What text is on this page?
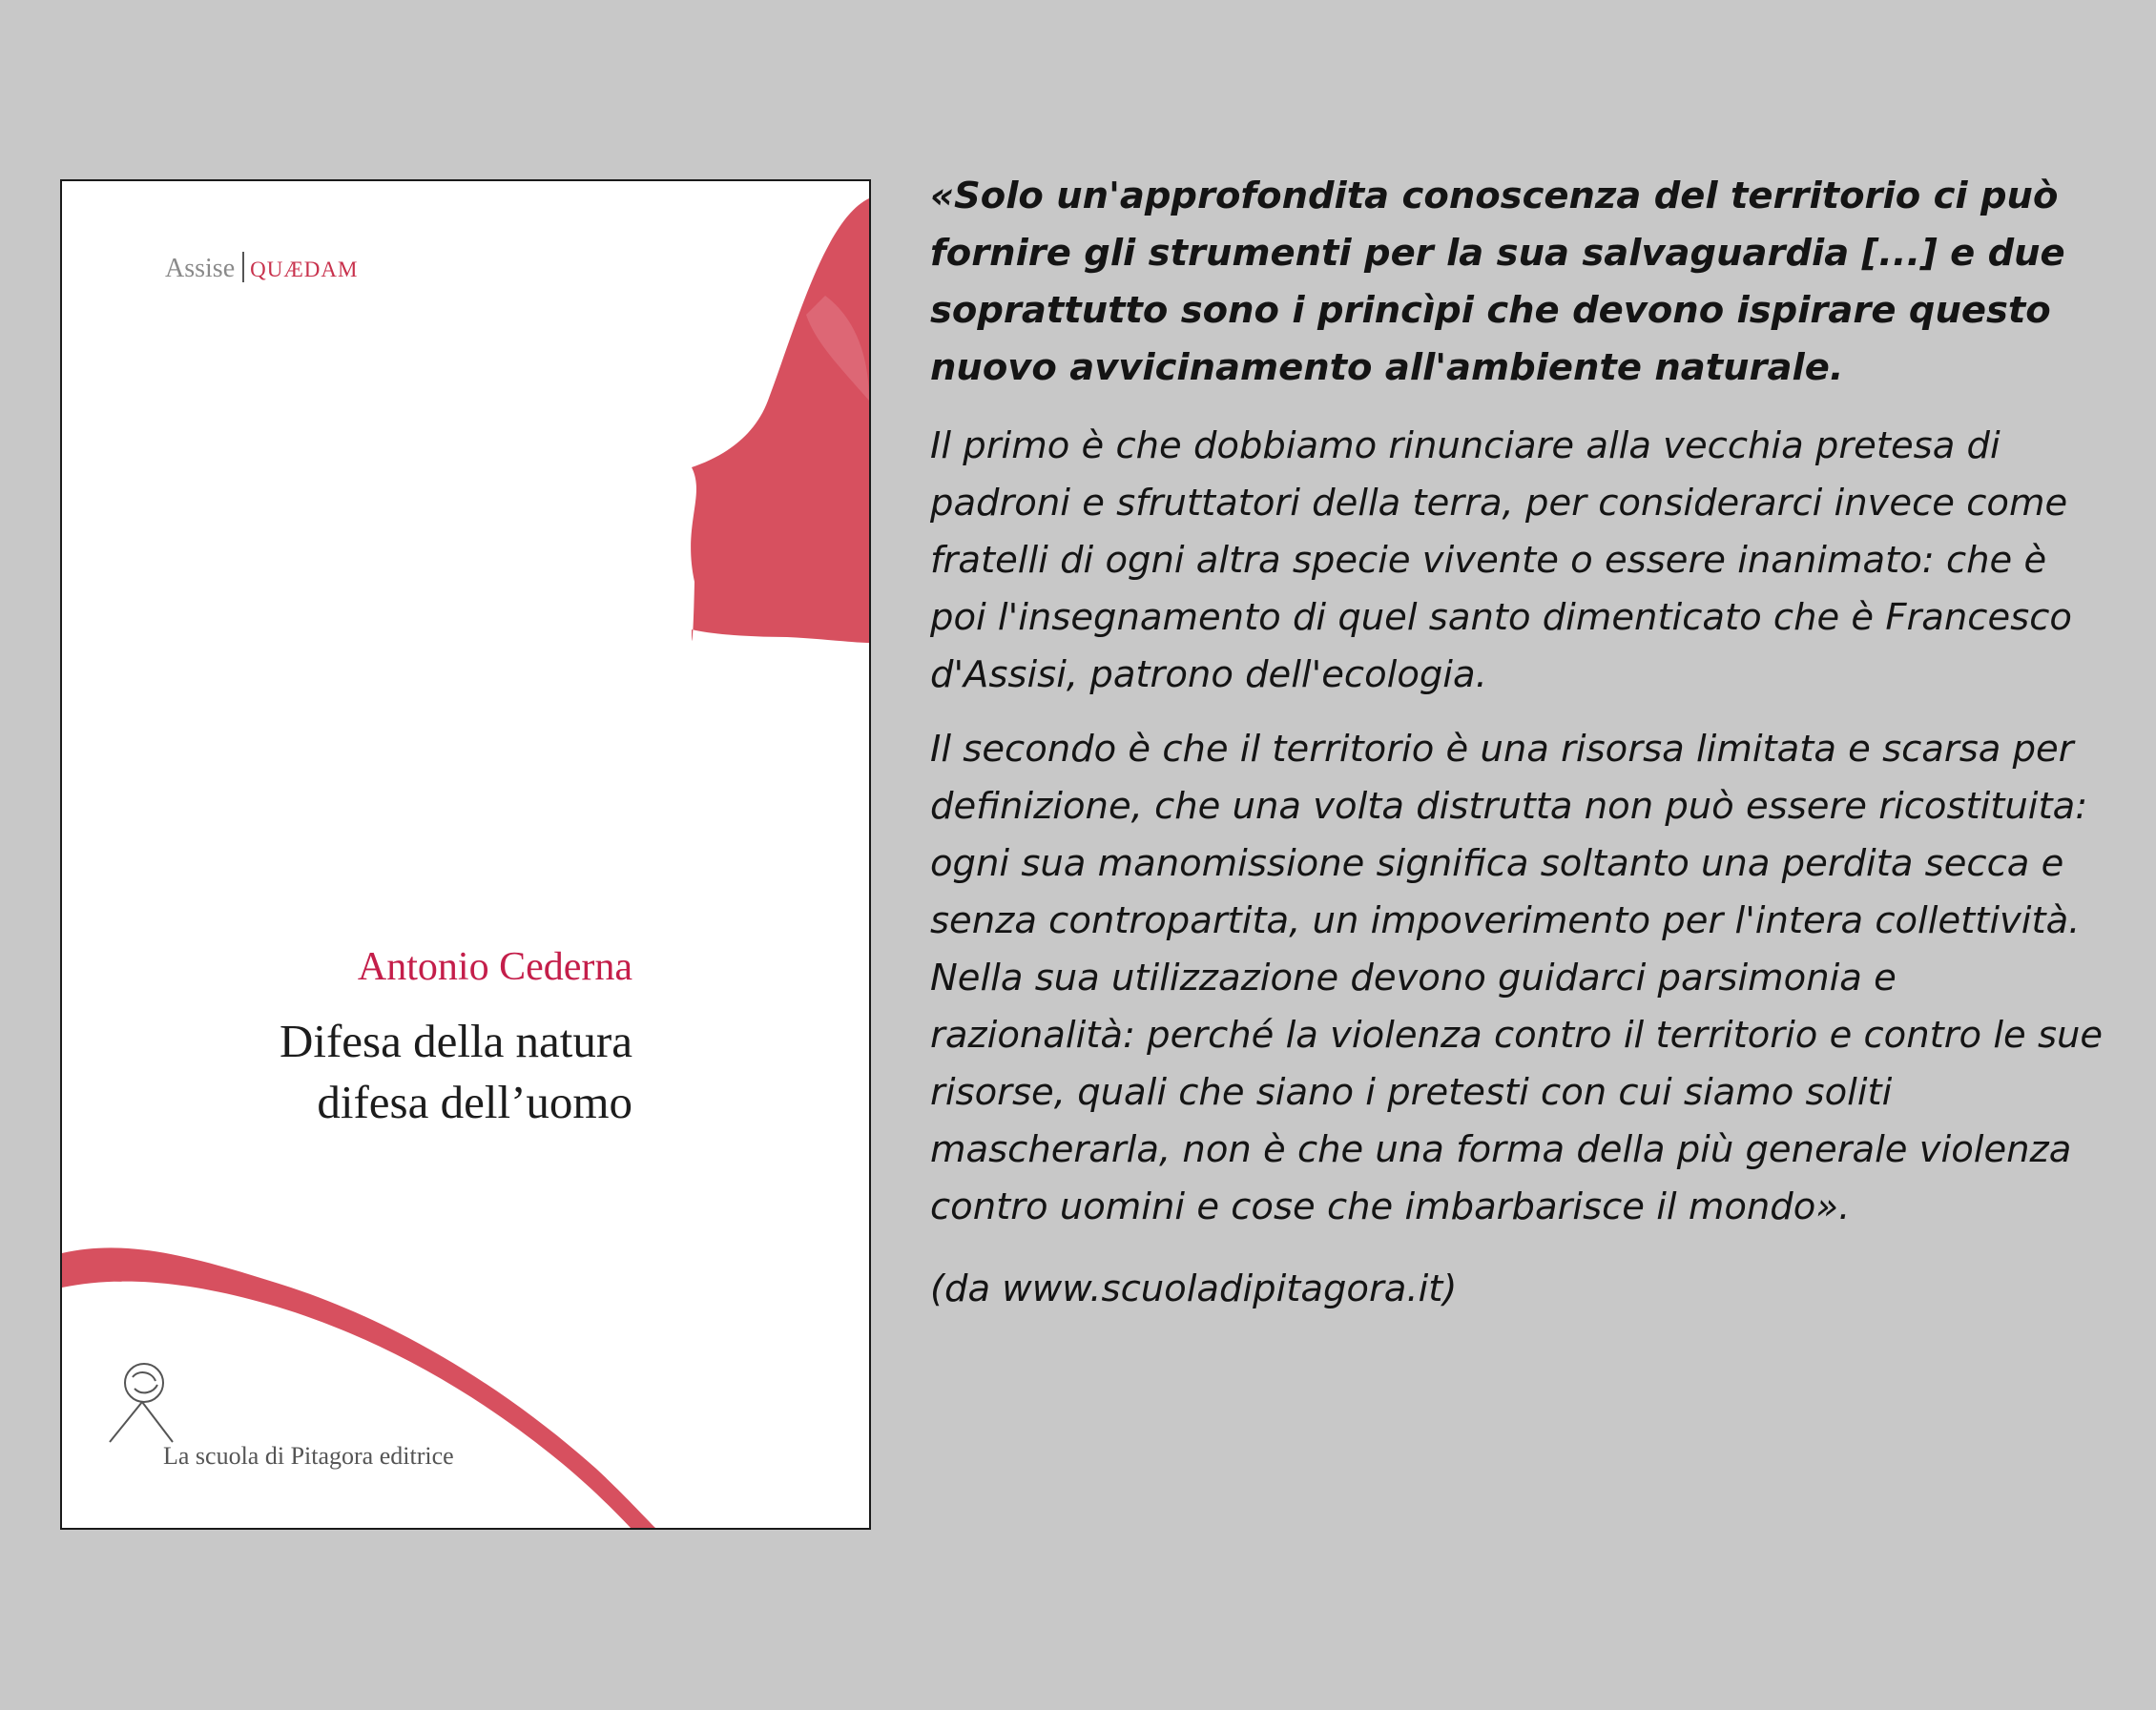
Assise QUÆDAM
Antonio Cederna
Difesa della natura
difesa dell’uomo
La scuola di Pitagora editrice

«Solo un'approfondita conoscenza del territorio ci può fornire gli strumenti per la sua salvaguardia [...] e due soprattutto sono i princìpi che devono ispirare questo nuovo avvicinamento all'ambiente naturale.

Il primo è che dobbiamo rinunciare alla vecchia pretesa di padroni e sfruttatori della terra, per considerarci invece come fratelli di ogni altra specie vivente o essere inanimato: che è poi l'insegnamento di quel santo dimenticato che è Francesco d'Assisi, patrono dell'ecologia.

Il secondo è che il territorio è una risorsa limitata e scarsa per definizione, che una volta distrutta non può essere ricostituita: ogni sua manomissione significa soltanto una perdita secca e senza contropartita, un impoverimento per l'intera collettività. Nella sua utilizzazione devono guidarci parsimonia e razionalità: perché la violenza contro il territorio e contro le sue risorse, quali che siano i pretesti con cui siamo soliti mascherarla, non è che una forma della più generale violenza contro uomini e cose che imbarbarisce il mondo».

(da www.scuoladipitagora.it)
